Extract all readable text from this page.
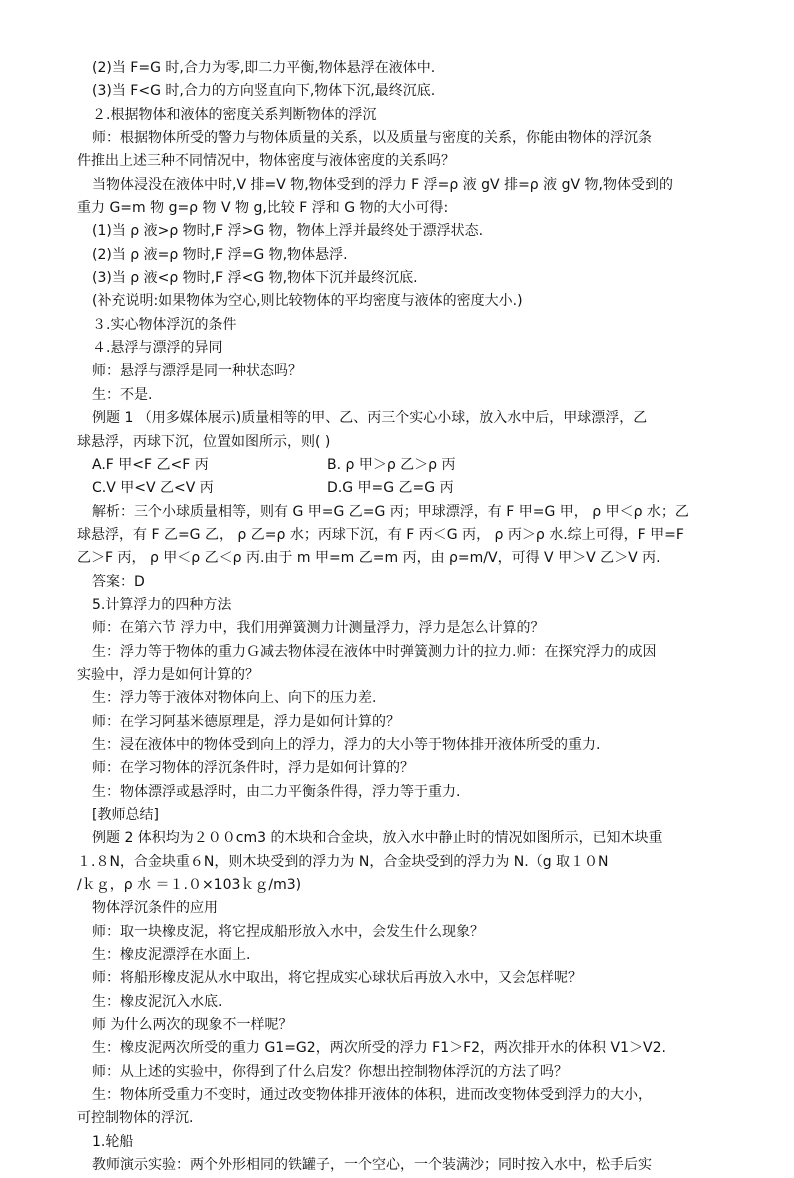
(2)当 F=G 时,合力为零,即二力平衡,物体悬浮在液体中.
(3)当 F<G 时,合力的方向竖直向下,物体下沉,最终沉底.
２.根据物体和液体的密度关系判断物体的浮沉
师：根据物体所受的警力与物体质量的关系，以及质量与密度的关系，你能由物体的浮沉条
件推出上述三种不同情况中，物体密度与液体密度的关系吗？
当物体浸没在液体中时,V 排=V 物,物体受到的浮力 F 浮=ρ 液 gV 排=ρ 液 gV 物,物体受到的
重力 G=m 物 g=ρ 物 V 物 g,比较 F 浮和 G 物的大小可得:
(1)当 ρ 液>ρ 物时,F 浮>G 物，物体上浮并最终处于漂浮状态.
(2)当 ρ 液=ρ 物时,F 浮=G 物,物体悬浮.
(3)当 ρ 液<ρ 物时,F 浮<G 物,物体下沉并最终沉底.
(补充说明:如果物体为空心,则比较物体的平均密度与液体的密度大小.)
３.实心物体浮沉的条件
４.悬浮与漂浮的异同
师：悬浮与漂浮是同一种状态吗？
生：不是.
例题 1 （用多媒体展示)质量相等的甲、乙、丙三个实心小球，放入水中后，甲球漂浮，乙
球悬浮，丙球下沉，位置如图所示，则( )
A.F 甲<F 乙<F 丙	B. ρ 甲＞ρ 乙＞ρ 丙
C.V 甲<V 乙<V 丙	D.G 甲=G 乙=G 丙
解析：三个小球质量相等，则有 G 甲=G 乙=G 丙；甲球漂浮，有 F 甲=G 甲， ρ 甲＜ρ 水；乙
球悬浮，有 F 乙=G 乙， ρ 乙=ρ 水；丙球下沉，有 F 丙＜G 丙， ρ 丙＞ρ 水.综上可得，F 甲=F
乙＞F 丙， ρ 甲＜ρ 乙＜ρ 丙.由于 m 甲=m 乙=m 丙，由 ρ=m/V，可得 V 甲＞V 乙＞V 丙.
答案：D
5.计算浮力的四种方法
师：在第六节 浮力中，我们用弹簧测力计测量浮力，浮力是怎么计算的？
生：浮力等于物体的重力Ｇ减去物体浸在液体中时弹簧测力计的拉力.师：在探究浮力的成因
实验中，浮力是如何计算的？
生：浮力等于液体对物体向上、向下的压力差.
师：在学习阿基米德原理是，浮力是如何计算的？
生：浸在液体中的物体受到向上的浮力，浮力的大小等于物体排开液体所受的重力.
师：在学习物体的浮沉条件时，浮力是如何计算的？
生：物体漂浮或悬浮时，由二力平衡条件得，浮力等于重力.
[教师总结]
例题 2 体积均为２００cm3 的木块和合金块，放入水中静止时的情况如图所示，已知木块重
１.８N，合金块重６N，则木块受到的浮力为 N，合金块受到的浮力为 N.（g 取１０N
/ｋｇ，ρ 水 ＝１.０×103ｋｇ/m3)
物体浮沉条件的应用
师：取一块橡皮泥，将它捏成船形放入水中，会发生什么现象？
生：橡皮泥漂浮在水面上.
师：将船形橡皮泥从水中取出，将它捏成实心球状后再放入水中，又会怎样呢？
生：橡皮泥沉入水底.
师 为什么两次的现象不一样呢？
生：橡皮泥两次所受的重力 G1=G2，两次所受的浮力 F1＞F2，两次排开水的体积 V1＞V2.
师：从上述的实验中，你得到了什么启发？你想出控制物体浮沉的方法了吗？
生：物体所受重力不变时，通过改变物体排开液体的体积，进而改变物体受到浮力的大小，
可控制物体的浮沉.
1.轮船
教师演示实验：两个外形相同的铁罐子，一个空心，一个装满沙；同时按入水中，松手后实
